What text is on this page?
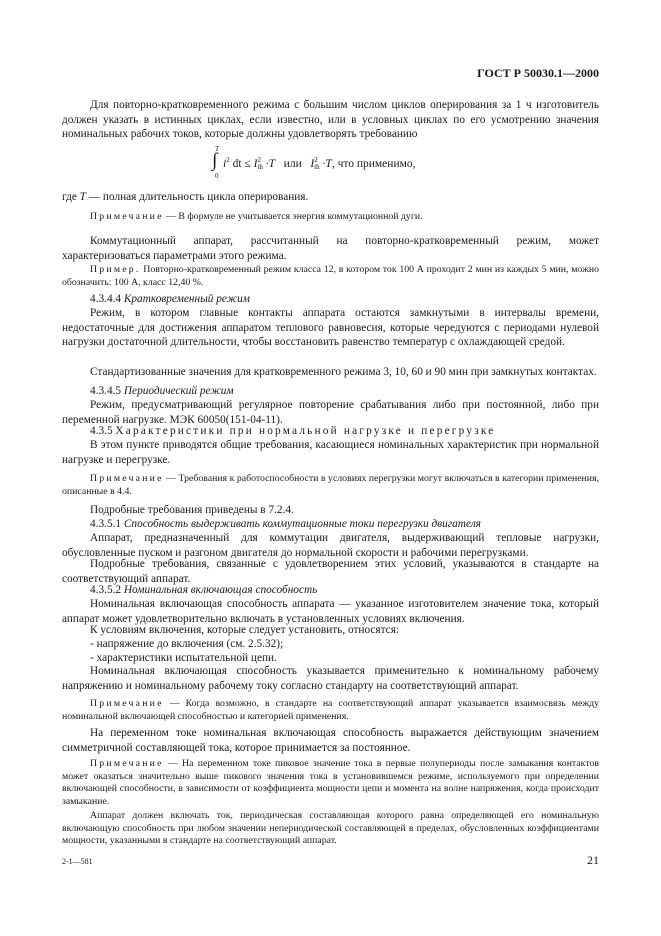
ГОСТ Р 50030.1—2000

Для повторно-кратковременного режима с большим числом циклов оперирования за 1 ч изготовитель должен указать в истинных циклах, если известно, или в условных циклах по его усмотрению значения номинальных рабочих токов, которые должны удовлетворять требованию

T
∫
0
$i^2$ dt ≤ I2
th ·T или I2
th ·T, что применимо,

где T — полная длительность цикла оперирования.

Примечание — В формуле не учитывается энергия коммутационной дуги.

Коммутационный аппарат, рассчитанный на повторно-кратковременный режим, может характеризоваться параметрами этого режима.

Пример. Повторно-кратковременный режим класса 12, в котором ток 100 А проходит 2 мин из каждых 5 мин, можно обозначить: 100 А, класс 12,40 %.

4.3.4.4 Кратковременный режим

Режим, в котором главные контакты аппарата остаются замкнутыми в интервалы времени, недостаточные для достижения аппаратом теплового равновесия, которые чередуются с периодами нулевой нагрузки достаточной длительности, чтобы восстановить равенство температур с охлаждающей средой.

Стандартизованные значения для кратковременного режима 3, 10, 60 и 90 мин при замкнутых контактах.

4.3.4.5 Периодический режим

Режим, предусматривающий регулярное повторение срабатывания либо при постоянной, либо при переменной нагрузке. МЭК 60050(151-04-11).

4.3.5 Характеристики при нормальной нагрузке и перегрузке

В этом пункте приводятся общие требования, касающиеся номинальных характеристик при нормальной нагрузке и перегрузке.

Примечание — Требования к работоспособности в условиях перегрузки могут включаться в категории применения, описанные в 4.4.

Подробные требования приведены в 7.2.4.

4.3.5.1 Способность выдерживать коммутационные токи перегрузки двигателя

Аппарат, предназначенный для коммутации двигателя, выдерживающий тепловые нагрузки, обусловленные пуском и разгоном двигателя до нормальной скорости и рабочими перегрузками.

Подробные требования, связанные с удовлетворением этих условий, указываются в стандарте на соответствующий аппарат.

4.3.5.2 Номинальная включающая способность

Номинальная включающая способность аппарата — указанное изготовителем значение тока, который аппарат может удовлетворительно включать в установленных условиях включения.

К условиям включения, которые следует установить, относятся:

- напряжение до включения (см. 2.5.32);

- характеристики испытательной цепи.

Номинальная включающая способность указывается применительно к номинальному рабочему напряжению и номинальному рабочему току согласно стандарту на соответствующий аппарат.

Примечание — Когда возможно, в стандарте на соответствующий аппарат указывается взаимосвязь между номинальной включающей способностью и категорией применения.

На переменном токе номинальная включающая способность выражается действующим значением симметричной составляющей тока, которое принимается за постоянное.

Примечание — На переменном токе пиковое значение тока в первые полупериоды после замыкания контактов может оказаться значительно выше пикового значения тока в установившемся режиме, используемого при определении включающей способности, в зависимости от коэффициента мощности цепи и момента на волне напряжения, когда происходит замыкание.

Аппарат должен включать ток, периодическая составляющая которого равна определяющей его номинальную включающую способность при любом значении непериодической составляющей в пределах, обусловленных коэффициентами мощности, указанными в стандарте на соответствующий аппарат.

2-1—581	21
